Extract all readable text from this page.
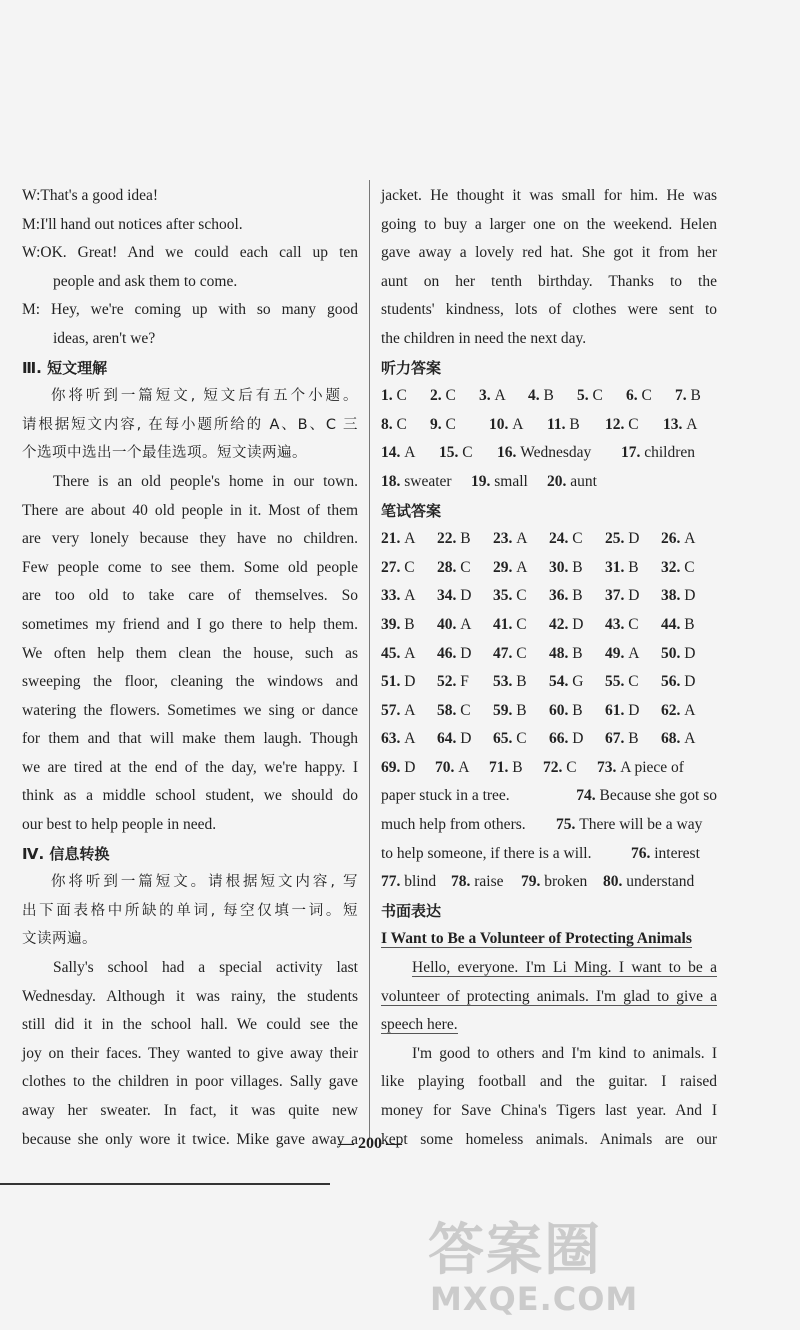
W:That's a good idea!

M:I'll hand out notices after school.

W:OK. Great! And we could each call up ten

people and ask them to come.

M: Hey, we're coming up with so many good

ideas, aren't we?

Ⅲ. 短文理解

你将听到一篇短文, 短文后有五个小题。

请根据短文内容, 在每小题所给的 A、B、C 三

个选项中选出一个最佳选项。短文读两遍。

There is an old people's home in our town.

There are about 40 old people in it. Most of them

are very lonely because they have no children.

Few people come to see them. Some old people

are too old to take care of themselves. So

sometimes my friend and I go there to help them.

We often help them clean the house, such as

sweeping the floor, cleaning the windows and

watering the flowers. Sometimes we sing or dance

for them and that will make them laugh. Though

we are tired at the end of the day, we're happy. I

think as a middle school student, we should do

our best to help people in need.

Ⅳ. 信息转换

你将听到一篇短文。请根据短文内容, 写

出下面表格中所缺的单词, 每空仅填一词。短

文读两遍。

Sally's school had a special activity last

Wednesday. Although it was rainy, the students

still did it in the school hall. We could see the

joy on their faces. They wanted to give away their

clothes to the children in poor villages. Sally gave

away her sweater. In fact, it was quite new

because she only wore it twice. Mike gave away a

jacket. He thought it was small for him. He was

going to buy a larger one on the weekend. Helen

gave away a lovely red hat. She got it from her

aunt on her tenth birthday. Thanks to the

students' kindness, lots of clothes were sent to

the children in need the next day.

听力答案

1. C	2. C	3. A	4. B	5. C	6. C	7. B
8. C	9. C	10. A	11. B	12. C	13. A
14. A	15. C	16. Wednesday	17. children
18. sweater	19. small	20. aunt

笔试答案

21. A	22. B	23. A	24. C	25. D	26. A
27. C	28. C	29. A	30. B	31. B	32. C
33. A	34. D	35. C	36. B	37. D	38. D
39. B	40. A	41. C	42. D	43. C	44. B
45. A	46. D	47. C	48. B	49. A	50. D
51. D	52. F	53. B	54. G	55. C	56. D
57. A	58. C	59. B	60. B	61. D	62. A
63. A	64. D	65. C	66. D	67. B	68. A
69. D	70. A	71. B	72. C	73. A piece of
paper stuck in a tree.	74. Because she got so
much help from others.	75. There will be a way
to help someone, if there is a will.	76. interest
77. blind 78. raise	79. broken	80. understand

书面表达

I Want to Be a Volunteer of Protecting Animals

Hello, everyone. I'm Li Ming. I want to be a

volunteer of protecting animals. I'm glad to give a

speech here.

I'm good to others and I'm kind to animals. I

like playing football and the guitar. I raised

money for Save China's Tigers last year. And I

kept some homeless animals. Animals are our

— 200 —
答案圈
MXQE.COM
